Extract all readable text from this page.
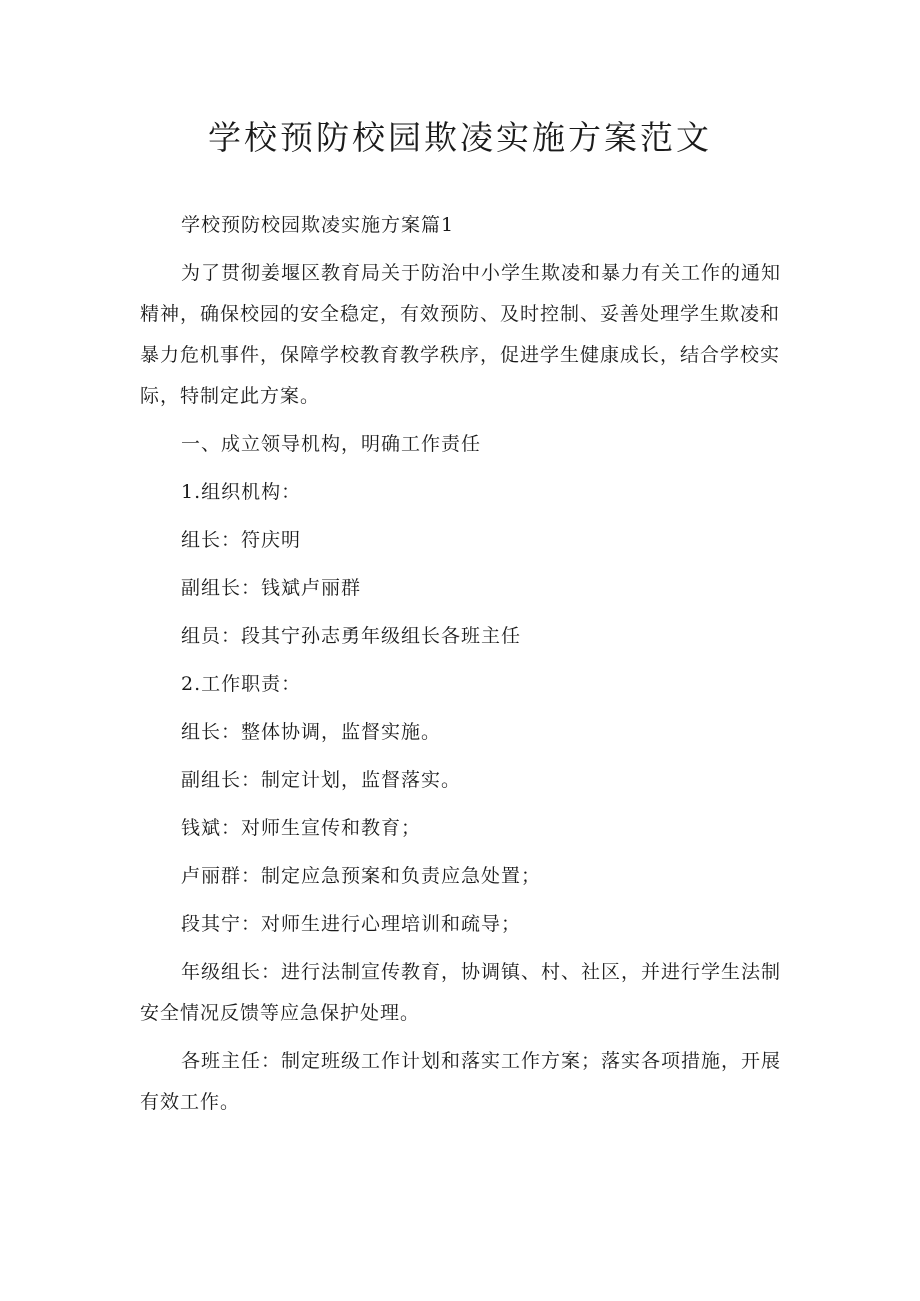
学校预防校园欺凌实施方案范文
学校预防校园欺凌实施方案篇1
为了贯彻姜堰区教育局关于防治中小学生欺凌和暴力有关工作的通知
精神，确保校园的安全稳定，有效预防、及时控制、妥善处理学生欺凌和
暴力危机事件，保障学校教育教学秩序，促进学生健康成长，结合学校实
际，特制定此方案。
一、成立领导机构，明确工作责任
1.组织机构：
组长：符庆明
副组长：钱斌卢丽群
组员：段其宁孙志勇年级组长各班主任
2.工作职责：
组长：整体协调，监督实施。
副组长：制定计划，监督落实。
钱斌：对师生宣传和教育；
卢丽群：制定应急预案和负责应急处置；
段其宁：对师生进行心理培训和疏导；
年级组长：进行法制宣传教育，协调镇、村、社区，并进行学生法制
安全情况反馈等应急保护处理。
各班主任：制定班级工作计划和落实工作方案；落实各项措施，开展
有效工作。
